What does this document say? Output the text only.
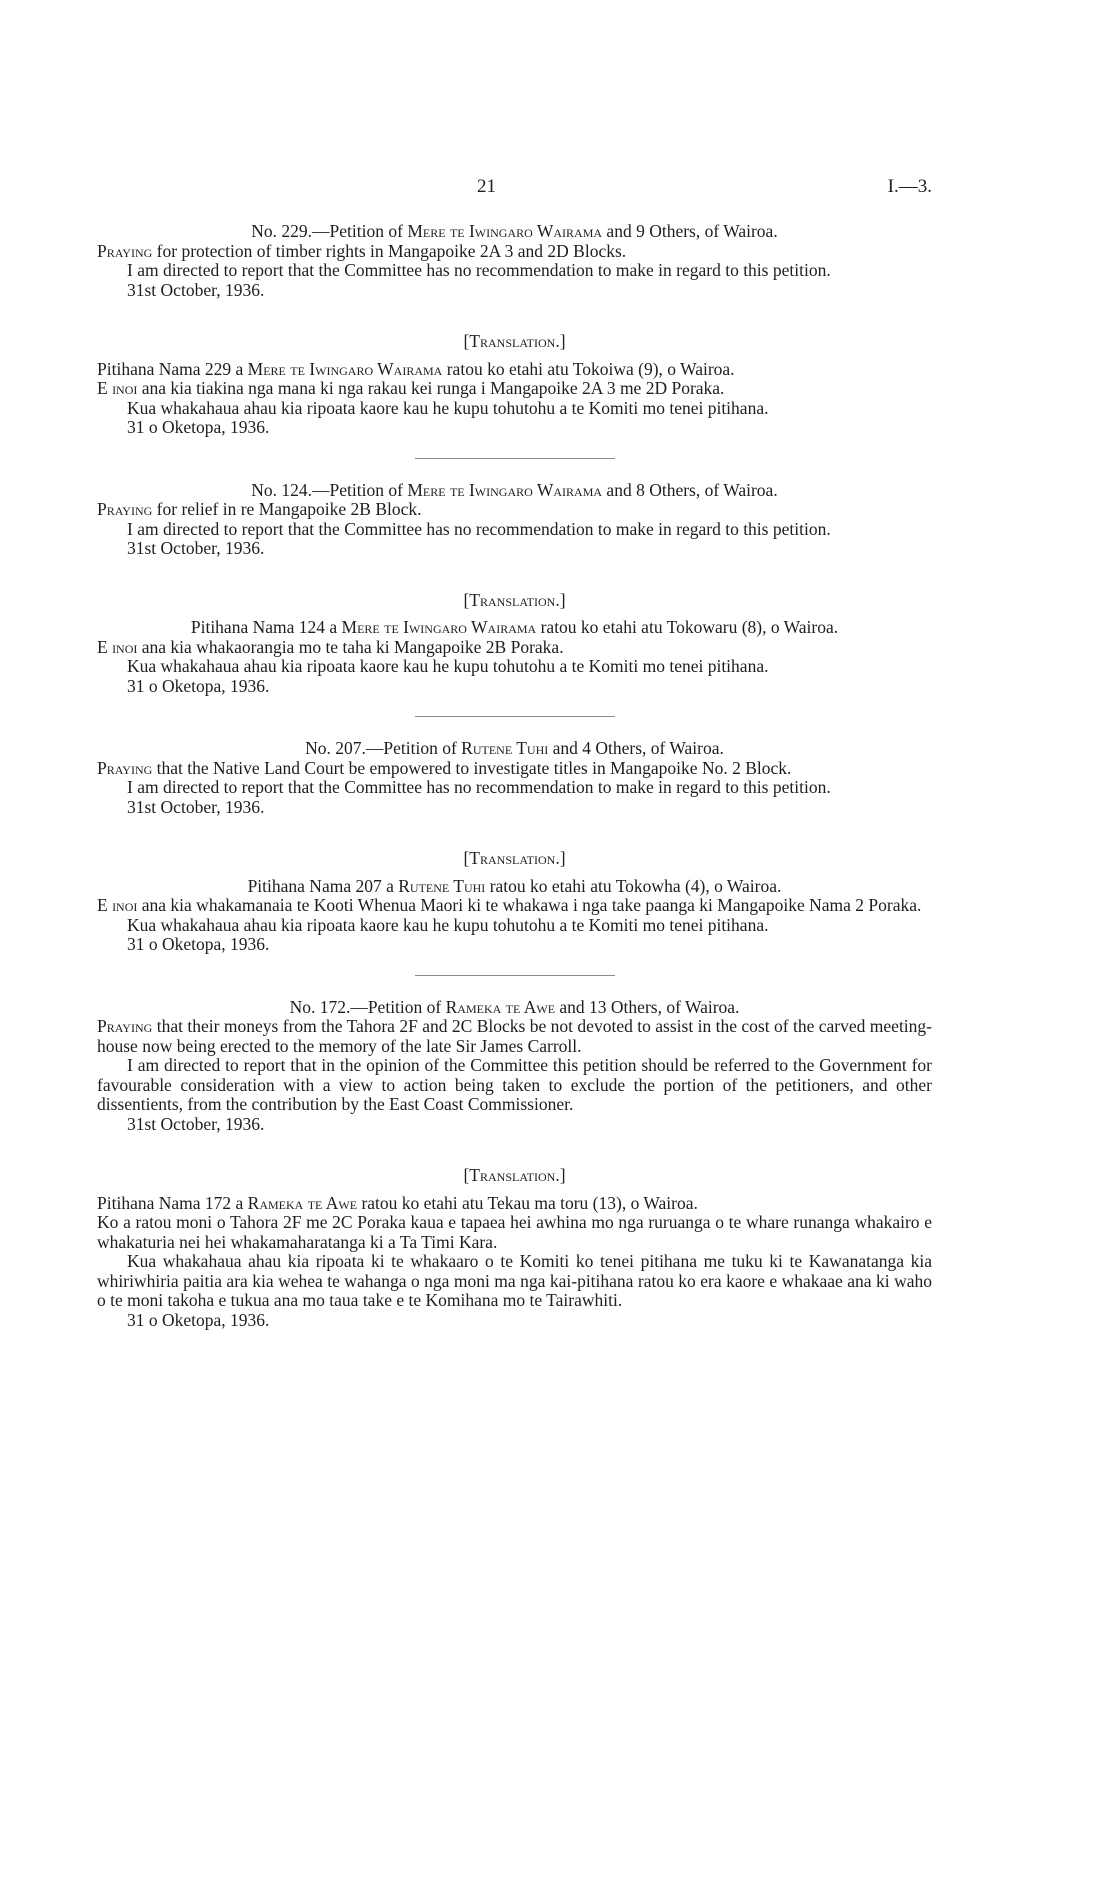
21	I.—3.

No. 229.—Petition of Mere te Iwingaro Wairama and 9 Others, of Wairoa.

Praying for protection of timber rights in Mangapoike 2A 3 and 2D Blocks.

I am directed to report that the Committee has no recommendation to make in regard to this petition.

31st October, 1936.

[Translation.]

Pitihana Nama 229 a Mere te Iwingaro Wairama ratou ko etahi atu Tokoiwa (9), o Wairoa.

E inoi ana kia tiakina nga mana ki nga rakau kei runga i Mangapoike 2A 3 me 2D Poraka.

Kua whakahaua ahau kia ripoata kaore kau he kupu tohutohu a te Komiti mo tenei pitihana.

31 o Oketopa, 1936.

No. 124.—Petition of Mere te Iwingaro Wairama and 8 Others, of Wairoa.

Praying for relief in re Mangapoike 2B Block.

I am directed to report that the Committee has no recommendation to make in regard to this petition.

31st October, 1936.

[Translation.]

Pitihana Nama 124 a Mere te Iwingaro Wairama ratou ko etahi atu Tokowaru (8), o Wairoa.

E inoi ana kia whakaorangia mo te taha ki Mangapoike 2B Poraka.

Kua whakahaua ahau kia ripoata kaore kau he kupu tohutohu a te Komiti mo tenei pitihana.

31 o Oketopa, 1936.

No. 207.—Petition of Rutene Tuhi and 4 Others, of Wairoa.

Praying that the Native Land Court be empowered to investigate titles in Mangapoike No. 2 Block.

I am directed to report that the Committee has no recommendation to make in regard to this petition.

31st October, 1936.

[Translation.]

Pitihana Nama 207 a Rutene Tuhi ratou ko etahi atu Tokowha (4), o Wairoa.

E inoi ana kia whakamanaia te Kooti Whenua Maori ki te whakawa i nga take paanga ki Mangapoike Nama 2 Poraka.

Kua whakahaua ahau kia ripoata kaore kau he kupu tohutohu a te Komiti mo tenei pitihana.

31 o Oketopa, 1936.

No. 172.—Petition of Rameka te Awe and 13 Others, of Wairoa.

Praying that their moneys from the Tahora 2F and 2C Blocks be not devoted to assist in the cost of the carved meeting-house now being erected to the memory of the late Sir James Carroll.

I am directed to report that in the opinion of the Committee this petition should be referred to the Government for favourable consideration with a view to action being taken to exclude the portion of the petitioners, and other dissentients, from the contribution by the East Coast Commissioner.

31st October, 1936.

[Translation.]

Pitihana Nama 172 a Rameka te Awe ratou ko etahi atu Tekau ma toru (13), o Wairoa.

Ko a ratou moni o Tahora 2F me 2C Poraka kaua e tapaea hei awhina mo nga ruruanga o te whare runanga whakairo e whakaturia nei hei whakamaharatanga ki a Ta Timi Kara.

Kua whakahaua ahau kia ripoata ki te whakaaro o te Komiti ko tenei pitihana me tuku ki te Kawanatanga kia whiriwhiria paitia ara kia wehea te wahanga o nga moni ma nga kai-pitihana ratou ko era kaore e whakaae ana ki waho o te moni takoha e tukua ana mo taua take e te Komihana mo te Tairawhiti.

31 o Oketopa, 1936.
